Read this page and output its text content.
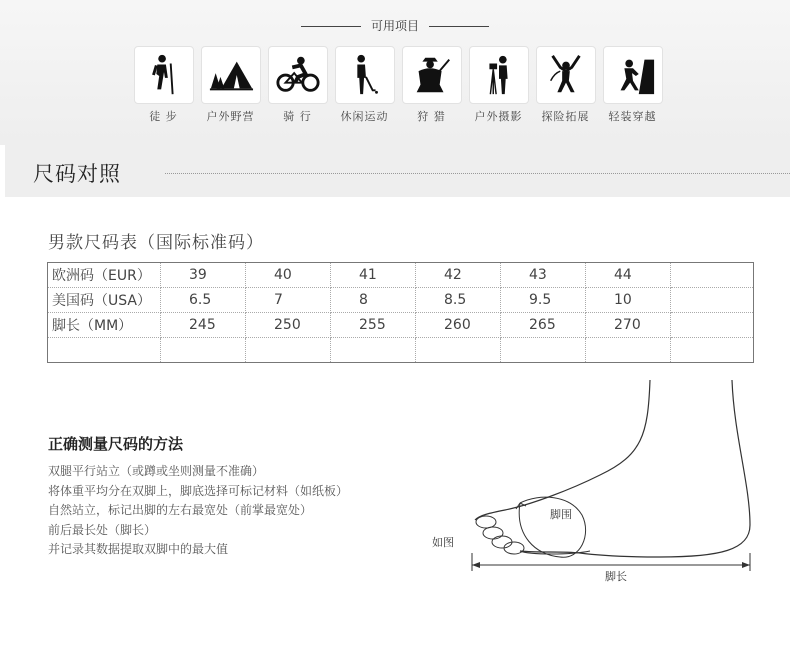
可用项目
徒 步	户外野营	骑 行	休闲运动	狩 猎	户外摄影	探险拓展	轻装穿越
尺码对照
男款尺码表（国际标准码）
欧洲码（EUR）	39	40	41	42	43	44	
美国码（USA）	6.5	7	8	8.5	9.5	10	
脚长（MM）	245	250	255	260	265	270	

正确测量尺码的方法
双腿平行站立（或蹲或坐则测量不准确）
将体重平均分在双脚上，脚底选择可标记材料（如纸板）
自然站立，标记出脚的左右最宽处（前掌最宽处）
前后最长处（脚长）
并记录其数据提取双脚中的最大值
脚围
如图
脚长
